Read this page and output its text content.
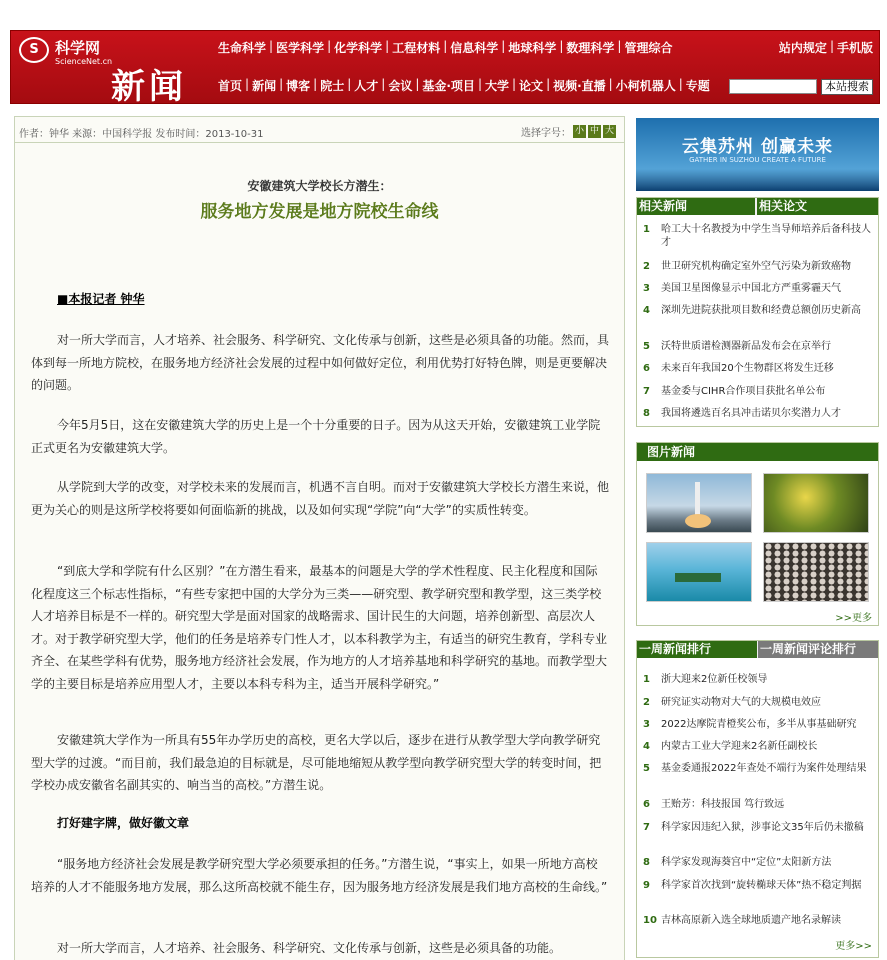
S	科学网
ScienceNet.cn
新闻
生命科学 | 医学科学 | 化学科学 | 工程材料 | 信息科学 | 地球科学 | 数理科学 | 管理综合	站内规定 | 手机版
首页 | 新闻 | 博客 | 院士 | 人才 | 会议 | 基金·项目 | 大学 | 论文 | 视频·直播 | 小柯机器人 | 专题	本站搜索
作者：钟华 来源：中国科学报 发布时间：2013-10-31	选择字号： 小 中 大
安徽建筑大学校长方潜生：
服务地方发展是地方院校生命线
■本报记者 钟华

对一所大学而言，人才培养、社会服务、科学研究、文化传承与创新，这些是必须具备的功能。然而，具体到每一所地方院校，在服务地方经济社会发展的过程中如何做好定位，利用优势打好特色牌，则是更要解决的问题。

今年5月5日，这在安徽建筑大学的历史上是一个十分重要的日子。因为从这天开始，安徽建筑工业学院正式更名为安徽建筑大学。

从学院到大学的改变，对学校未来的发展而言，机遇不言自明。而对于安徽建筑大学校长方潜生来说，他更为关心的则是这所学校将要如何面临新的挑战，以及如何实现“学院”向“大学”的实质性转变。

“到底大学和学院有什么区别？”在方潜生看来，最基本的问题是大学的学术性程度、民主化程度和国际化程度这三个标志性指标，“有些专家把中国的大学分为三类——研究型、教学研究型和教学型，这三类学校人才培养目标是不一样的。研究型大学是面对国家的战略需求、国计民生的大问题，培养创新型、高层次人才。对于教学研究型大学，他们的任务是培养专门性人才，以本科教学为主，有适当的研究生教育，学科专业齐全、在某些学科有优势，服务地方经济社会发展，作为地方的人才培养基地和科学研究的基地。而教学型大学的主要目标是培养应用型人才，主要以本科专科为主，适当开展科学研究。”

安徽建筑大学作为一所具有55年办学历史的高校，更名大学以后，逐步在进行从教学型大学向教学研究型大学的过渡。“而目前，我们最急迫的目标就是，尽可能地缩短从教学型向教学研究型大学的转变时间，把学校办成安徽省名副其实的、响当当的高校。”方潜生说。

打好建字牌，做好徽文章

“服务地方经济社会发展是教学研究型大学必须要承担的任务。”方潜生说，“事实上，如果一所地方高校培养的人才不能服务地方发展，那么这所高校就不能生存，因为服务地方经济发展是我们地方高校的生命线。”

对一所大学而言，人才培养、社会服务、科学研究、文化传承与创新，这些是必须具备的功能。

云集苏州 创赢未来
GATHER IN SUZHOU CREATE A FUTURE
相关新闻	相关论文
1	哈工大十名教授为中学生当导师培养后备科技人才
2	世卫研究机构确定室外空气污染为新致癌物
3	美国卫星图像显示中国北方严重雾霾天气
4	深圳先进院获批项目数和经费总额创历史新高
5	沃特世质谱检测器新品发布会在京举行
6	未来百年我国20个生物群区将发生迁移
7	基金委与CIHR合作项目获批名单公布
8	我国将遴选百名具冲击诺贝尔奖潜力人才
图片新闻
>>更多
一周新闻排行	一周新闻评论排行
1	浙大迎来2位新任校领导
2	研究证实动物对大气的大规模电效应
3	2022达摩院青橙奖公布，多半从事基础研究
4	内蒙古工业大学迎来2名新任副校长
5	基金委通报2022年查处不端行为案件处理结果
6	王贻芳：科技报国 笃行致远
7	科学家因违纪入狱，涉事论文35年后仍未撤稿
8	科学家发现海葵宫中“定位”太阳新方法
9	科学家首次找到“旋转椭球天体”热不稳定判据
10 吉林高原新入选全球地质遗产地名录解读
更多>>
